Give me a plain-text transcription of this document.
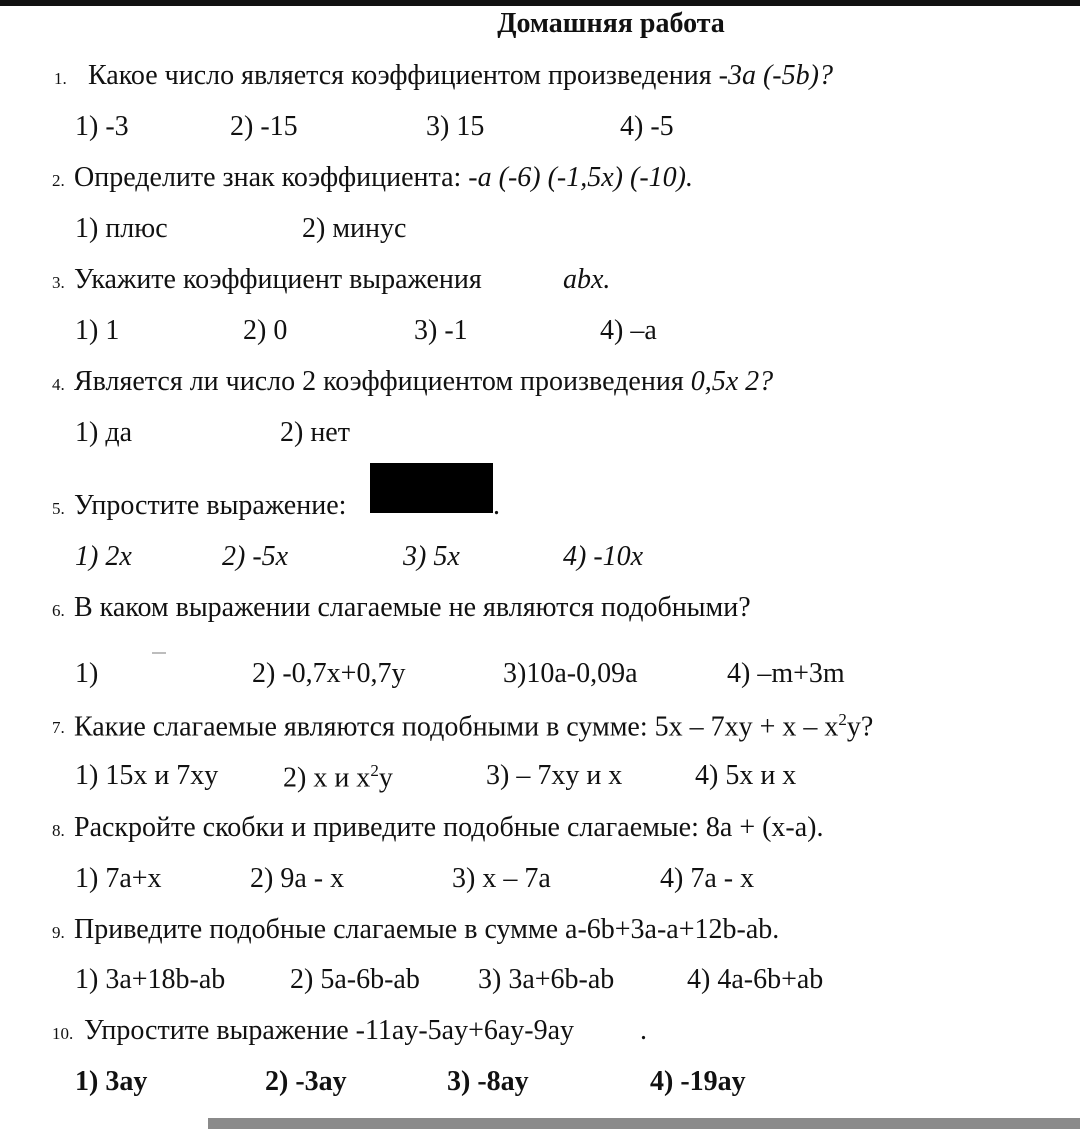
Домашняя работа
1. Какое число является коэффициентом произведения -3a (-5b)?
1) -3	2) -15	3) 15	4) -5
2. Определите знак коэффициента: -a (-6) (-1,5x) (-10).
1) плюс	2) минус
3. Укажите коэффициент выражения	abx.
1) 1	2) 0	3) -1	4) –a
4. Является ли число 2 коэффициентом произведения 0,5x 2?
1) да	2) нет
5. Упростите выражение:	.
1) 2x	2) -5x	3) 5x	4) -10x
6. В каком выражении слагаемые не являются подобными?
1)	2) -0,7x+0,7y	3)10a-0,09a	4) –m+3m
7. Какие слагаемые являются подобными в сумме: $5x - 7xy + x - x^2y$?
1) 15x и 7xy 2) x и $x^2y$	3) – 7xy и x	4) 5x и x
8. Раскройте скобки и приведите подобные слагаемые: 8a + (x-a).
1) 7a+x	2) 9a - x	3) x – 7a	4) 7a - x
9. Приведите подобные слагаемые в сумме a-6b+3a-a+12b-ab.
1) 3a+18b-ab 2) 5a-6b-ab 3) 3a+6b-ab	4) 4a-6b+ab
10. Упростите выражение -11ay-5ay+6ay-9ay .
1) 3ay	2) -3ay	3) -8ay	4) -19ay
